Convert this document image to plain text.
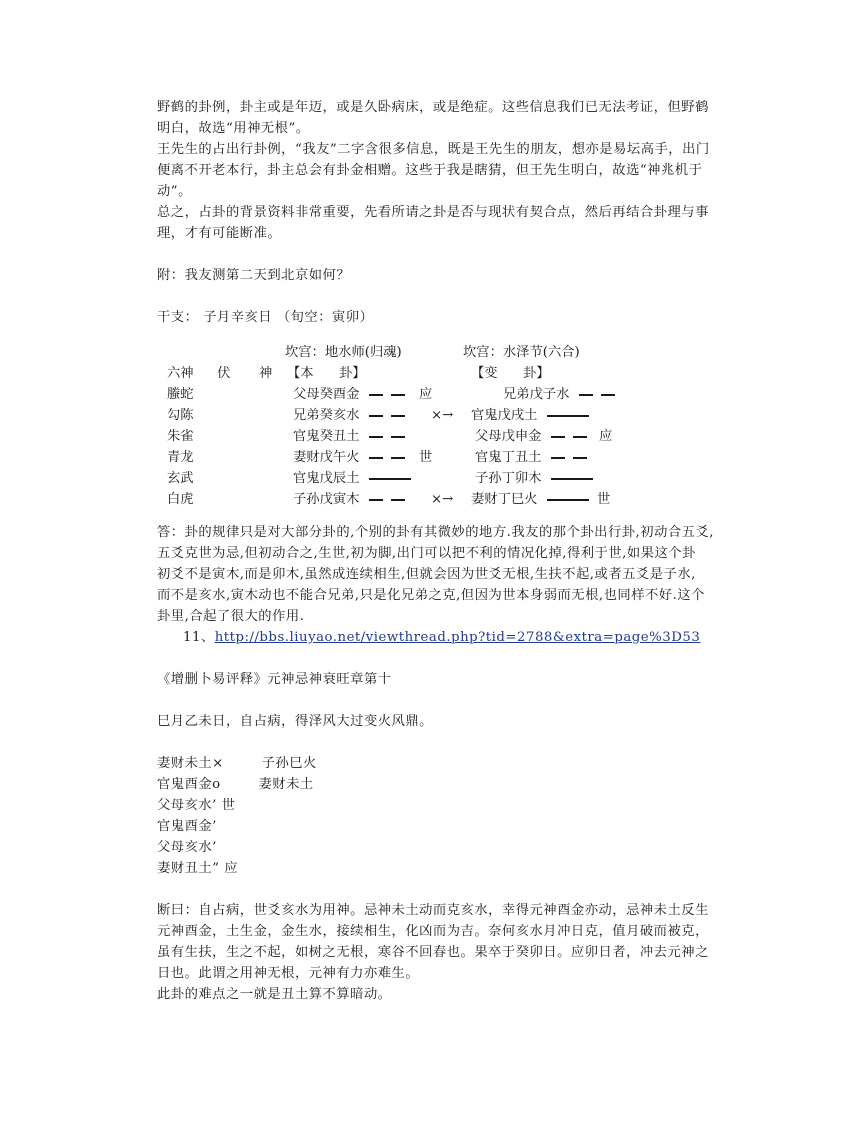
野鹤的卦例，卦主或是年迈，或是久卧病床，或是绝症。这些信息我们已无法考证，但野鹤

明白，故选“用神无根”。

王先生的占出行卦例，“我友”二字含很多信息，既是王先生的朋友，想亦是易坛高手，出门

便离不开老本行，卦主总会有卦金相赠。这些于我是瞎猜，但王先生明白，故选“神兆机于

动”。

总之，占卦的背景资料非常重要，先看所请之卦是否与现状有契合点，然后再结合卦理与事

理，才有可能断准。

附：我友测第二天到北京如何？

干支： 子月辛亥日 （旬空：寅卯）

坎宫：地水师(归魂)	坎宫：水泽节(六合)
六神 伏 神 【本      卦】	【变      卦】
螣蛇	父母癸酉金	应	兄弟戊子水
勾陈	兄弟癸亥水	×→ 官鬼戊戌土
朱雀	官鬼癸丑土	父母戊申金	应
青龙	妻财戊午火	世	官鬼丁丑土
玄武	官鬼戊辰土	子孙丁卯木
白虎	子孙戊寅木	×→ 妻财丁巳火	世

答：卦的规律只是对大部分卦的,个别的卦有其微妙的地方.我友的那个卦出行卦,初动合五爻,

五爻克世为忌,但初动合之,生世,初为脚,出门可以把不利的情况化掉,得利于世,如果这个卦

初爻不是寅木,而是卯木,虽然成连续相生,但就会因为世爻无根,生扶不起,或者五爻是子水,

而不是亥水,寅木动也不能合兄弟,只是化兄弟之克,但因为世本身弱而无根,也同样不好.这个

卦里,合起了很大的作用.

11、http://bbs.liuyao.net/viewthread.php?tid=2788&extra=page%3D53

《增删卜易评释》元神忌神衰旺章第十

巳月乙未日，自占病，得泽风大过变火风鼎。

妻财未土×        子孙巳火

官鬼酉金o        妻财未土

父母亥水’ 世

官鬼酉金’

父母亥水’

妻财丑土” 应

断曰：自占病，世爻亥水为用神。忌神未土动而克亥水，幸得元神酉金亦动，忌神未土反生

元神酉金，土生金，金生水，接续相生，化凶而为吉。奈何亥水月冲日克，值月破而被克，

虽有生扶，生之不起，如树之无根，寒谷不回春也。果卒于癸卯日。应卯日者，冲去元神之

日也。此谓之用神无根，元神有力亦难生。

此卦的难点之一就是丑土算不算暗动。
